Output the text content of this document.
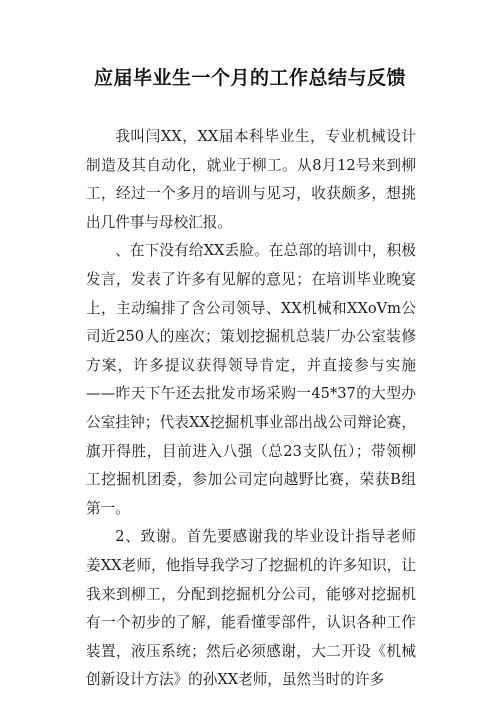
应届毕业生一个月的工作总结与反馈

我叫闫XX，XX届本科毕业生，专业机械设计制造及其自动化，就业于柳工。从8月12号来到柳工，经过一个多月的培训与见习，收获颇多，想挑出几件事与母校汇报。

、在下没有给XX丢脸。在总部的培训中，积极发言，发表了许多有见解的意见；在培训毕业晚宴上，主动编排了含公司领导、XX机械和XXoVm公司近250人的座次；策划挖掘机总装厂办公室装修方案，许多提议获得领导肯定，并直接参与实施——昨天下午还去批发市场采购一45*37的大型办公室挂钟；代表XX挖掘机事业部出战公司辩论赛，旗开得胜，目前进入八强（总23支队伍）；带领柳工挖掘机团委，参加公司定向越野比赛，荣获B组第一。

2、致谢。首先要感谢我的毕业设计指导老师姜XX老师，他指导我学习了挖掘机的许多知识，让我来到柳工，分配到挖掘机分公司，能够对挖掘机有一个初步的了解，能看懂零部件，认识各种工作装置，液压系统；然后必须感谢，大二开设《机械创新设计方法》的孙XX老师，虽然当时的许多
